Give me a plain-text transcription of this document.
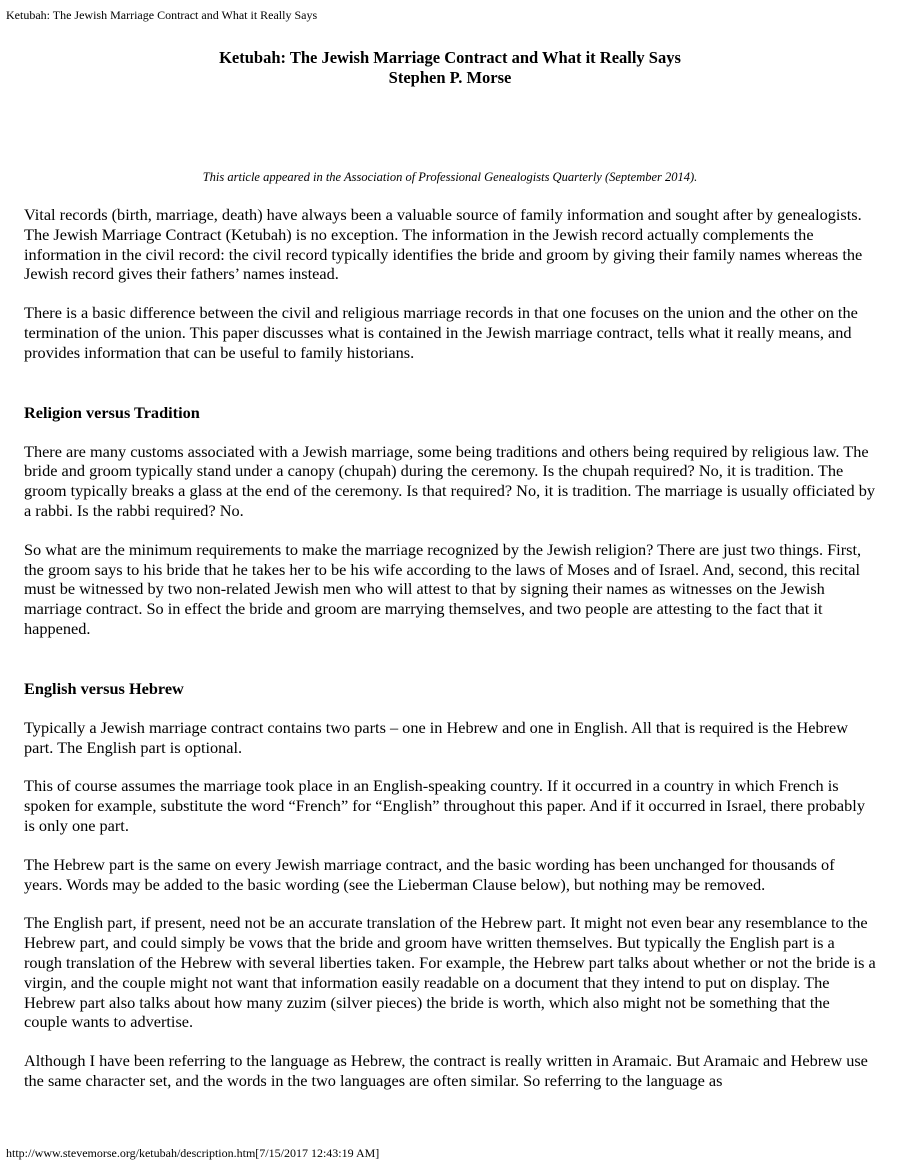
Ketubah: The Jewish Marriage Contract and What it Really Says
Ketubah: The Jewish Marriage Contract and What it Really Says
Stephen P. Morse
This article appeared in the Association of Professional Genealogists Quarterly (September 2014).

Vital records (birth, marriage, death) have always been a valuable source of family information and sought after by genealogists. The Jewish Marriage Contract (Ketubah) is no exception. The information in the Jewish record actually complements the information in the civil record: the civil record typically identifies the bride and groom by giving their family names whereas the Jewish record gives their fathers’ names instead.

There is a basic difference between the civil and religious marriage records in that one focuses on the union and the other on the termination of the union. This paper discusses what is contained in the Jewish marriage contract, tells what it really means, and provides information that can be useful to family historians.

Religion versus Tradition

There are many customs associated with a Jewish marriage, some being traditions and others being required by religious law. The bride and groom typically stand under a canopy (chupah) during the ceremony. Is the chupah required? No, it is tradition. The groom typically breaks a glass at the end of the ceremony. Is that required? No, it is tradition. The marriage is usually officiated by a rabbi. Is the rabbi required? No.

So what are the minimum requirements to make the marriage recognized by the Jewish religion? There are just two things. First, the groom says to his bride that he takes her to be his wife according to the laws of Moses and of Israel. And, second, this recital must be witnessed by two non-related Jewish men who will attest to that by signing their names as witnesses on the Jewish marriage contract. So in effect the bride and groom are marrying themselves, and two people are attesting to the fact that it happened.

English versus Hebrew

Typically a Jewish marriage contract contains two parts – one in Hebrew and one in English. All that is required is the Hebrew part. The English part is optional.

This of course assumes the marriage took place in an English-speaking country. If it occurred in a country in which French is spoken for example, substitute the word “French” for “English” throughout this paper. And if it occurred in Israel, there probably is only one part.

The Hebrew part is the same on every Jewish marriage contract, and the basic wording has been unchanged for thousands of years. Words may be added to the basic wording (see the Lieberman Clause below), but nothing may be removed.

The English part, if present, need not be an accurate translation of the Hebrew part. It might not even bear any resemblance to the Hebrew part, and could simply be vows that the bride and groom have written themselves. But typically the English part is a rough translation of the Hebrew with several liberties taken. For example, the Hebrew part talks about whether or not the bride is a virgin, and the couple might not want that information easily readable on a document that they intend to put on display. The Hebrew part also talks about how many zuzim (silver pieces) the bride is worth, which also might not be something that the couple wants to advertise.

Although I have been referring to the language as Hebrew, the contract is really written in Aramaic. But Aramaic and Hebrew use the same character set, and the words in the two languages are often similar. So referring to the language as

http://www.stevemorse.org/ketubah/description.htm[7/15/2017 12:43:19 AM]
